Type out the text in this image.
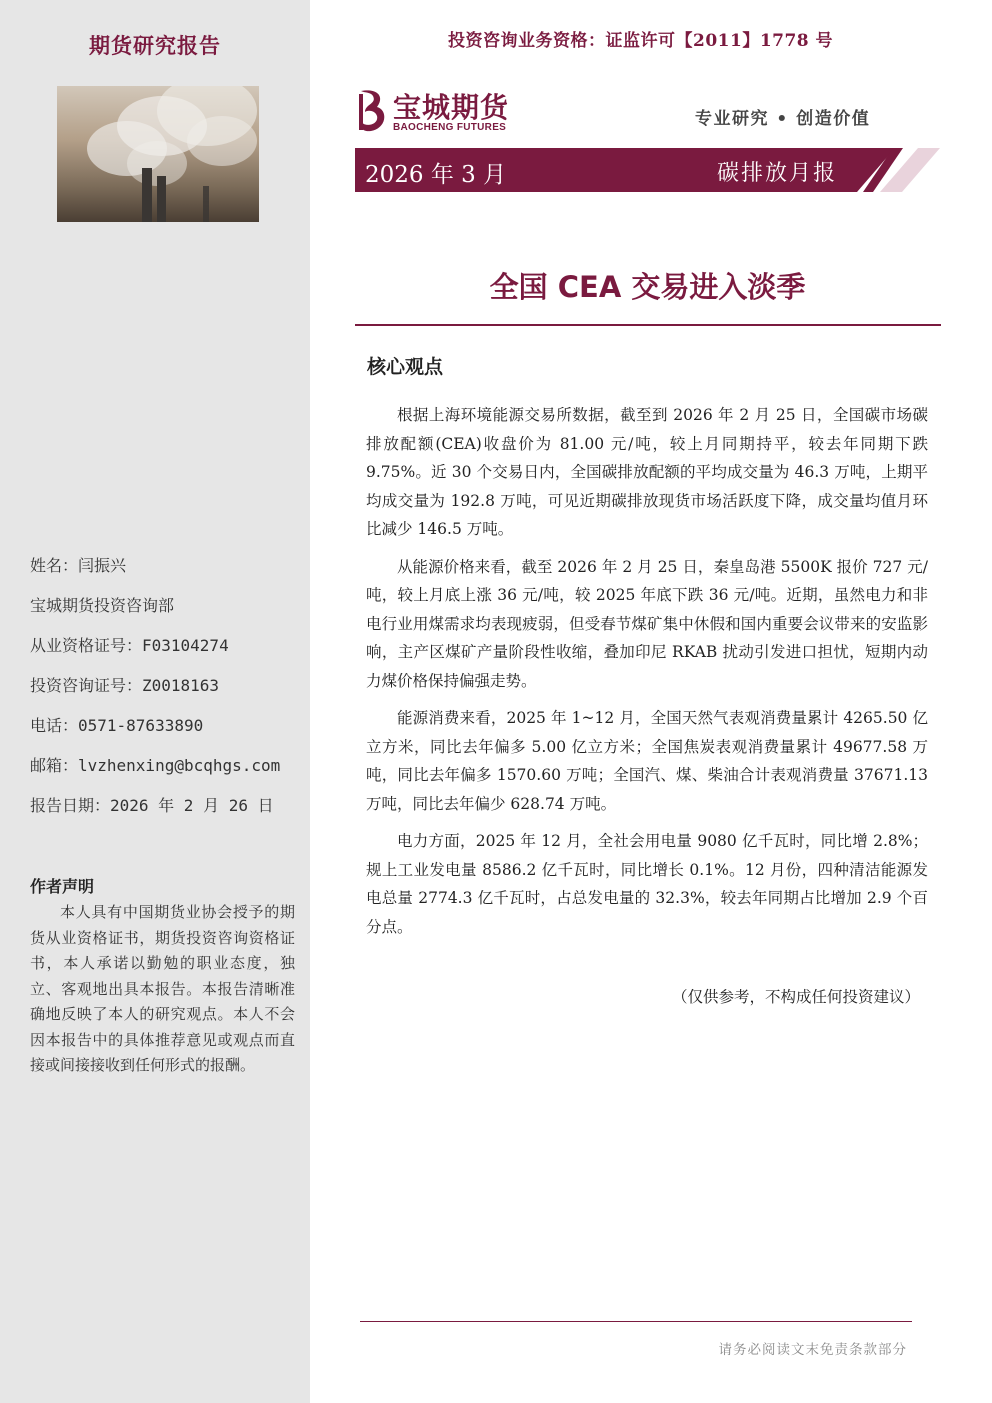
期货研究报告
姓名：闫振兴
宝城期货投资咨询部
从业资格证号：F03104274
投资咨询证号：Z0018163
电话：0571-87633890
邮箱：lvzhenxing@bcqhgs.com
报告日期：2026 年 2 月 26 日
作者声明
本人具有中国期货业协会授予的期货从业资格证书，期货投资咨询资格证书，本人承诺以勤勉的职业态度，独立、客观地出具本报告。本报告清晰准确地反映了本人的研究观点。本人不会因本报告中的具体推荐意见或观点而直接或间接接收到任何形式的报酬。
投资咨询业务资格：证监许可【2011】1778 号
宝城期货
BAOCHENG FUTURES	专业研究 • 创造价值
2026 年 3 月	碳排放月报
全国 CEA 交易进入淡季
核心观点

根据上海环境能源交易所数据，截至到 2026 年 2 月 25 日，全国碳市场碳排放配额(CEA)收盘价为 81.00 元/吨，较上月同期持平，较去年同期下跌 9.75%。近 30 个交易日内，全国碳排放配额的平均成交量为 46.3 万吨，上期平均成交量为 192.8 万吨，可见近期碳排放现货市场活跃度下降，成交量均值月环比减少 146.5 万吨。

从能源价格来看，截至 2026 年 2 月 25 日，秦皇岛港 5500K 报价 727 元/吨，较上月底上涨 36 元/吨，较 2025 年底下跌 36 元/吨。近期，虽然电力和非电行业用煤需求均表现疲弱，但受春节煤矿集中休假和国内重要会议带来的安监影响，主产区煤矿产量阶段性收缩，叠加印尼 RKAB 扰动引发进口担忧，短期内动力煤价格保持偏强走势。

能源消费来看，2025 年 1~12 月，全国天然气表观消费量累计 4265.50 亿立方米，同比去年偏多 5.00 亿立方米；全国焦炭表观消费量累计 49677.58 万吨，同比去年偏多 1570.60 万吨；全国汽、煤、柴油合计表观消费量 37671.13 万吨，同比去年偏少 628.74 万吨。

电力方面，2025 年 12 月，全社会用电量 9080 亿千瓦时，同比增 2.8%；规上工业发电量 8586.2 亿千瓦时，同比增长 0.1%。12 月份，四种清洁能源发电总量 2774.3 亿千瓦时，占总发电量的 32.3%，较去年同期占比增加 2.9 个百分点。

（仅供参考，不构成任何投资建议）
请务必阅读文末免责条款部分
